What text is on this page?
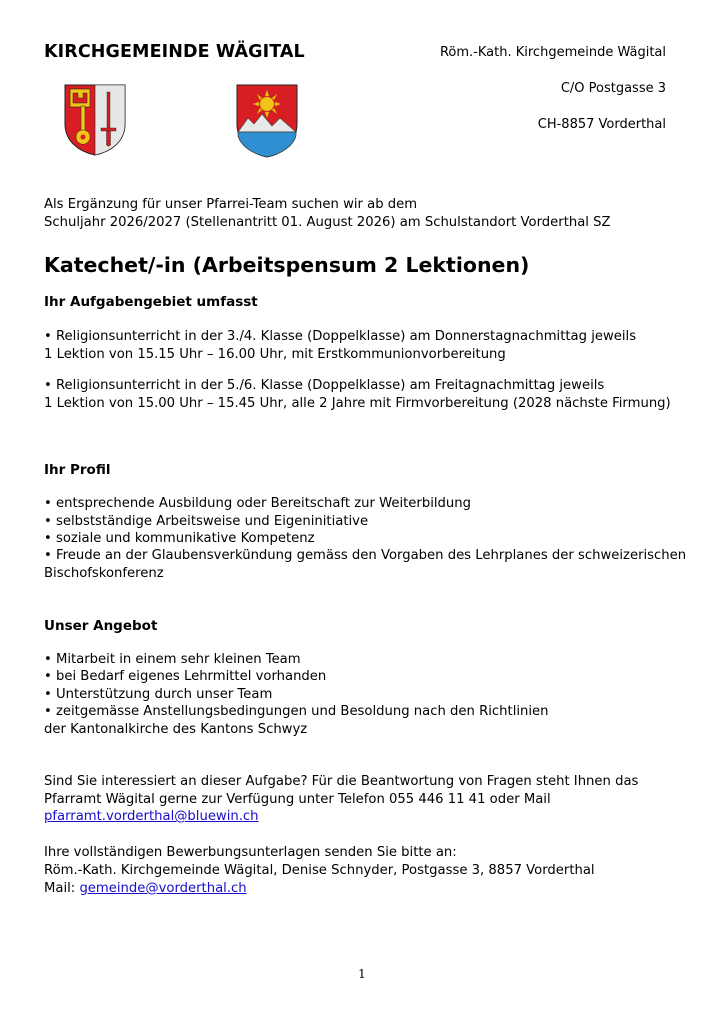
KIRCHGEMEINDE WÄGITAL	Röm.-Kath. Kirchgemeinde Wägital
C/O Postgasse 3
CH-8857 Vorderthal
Als Ergänzung für unser Pfarrei-Team suchen wir ab dem
Schuljahr 2026/2027 (Stellenantritt 01. August 2026) am Schulstandort Vorderthal SZ
Katechet/-in (Arbeitspensum 2 Lektionen)
Ihr Aufgabengebiet umfasst
• Religionsunterricht in der 3./4. Klasse (Doppelklasse) am Donnerstagnachmittag jeweils
1 Lektion von 15.15 Uhr – 16.00 Uhr, mit Erstkommunionvorbereitung
• Religionsunterricht in der 5./6. Klasse (Doppelklasse) am Freitagnachmittag jeweils
1 Lektion von 15.00 Uhr – 15.45 Uhr, alle 2 Jahre mit Firmvorbereitung (2028 nächste Firmung)
Ihr Profil
• entsprechende Ausbildung oder Bereitschaft zur Weiterbildung
• selbstständige Arbeitsweise und Eigeninitiative
• soziale und kommunikative Kompetenz
• Freude an der Glaubensverkündung gemäss den Vorgaben des Lehrplanes der schweizerischen
Bischofskonferenz
Unser Angebot
• Mitarbeit in einem sehr kleinen Team
• bei Bedarf eigenes Lehrmittel vorhanden
• Unterstützung durch unser Team
• zeitgemässe Anstellungsbedingungen und Besoldung nach den Richtlinien
der Kantonalkirche des Kantons Schwyz
Sind Sie interessiert an dieser Aufgabe? Für die Beantwortung von Fragen steht Ihnen das
Pfarramt Wägital gerne zur Verfügung unter Telefon 055 446 11 41 oder Mail
pfarramt.vorderthal@bluewin.ch
Ihre vollständigen Bewerbungsunterlagen senden Sie bitte an:
Röm.-Kath. Kirchgemeinde Wägital, Denise Schnyder, Postgasse 3, 8857 Vorderthal
Mail: gemeinde@vorderthal.ch
1
